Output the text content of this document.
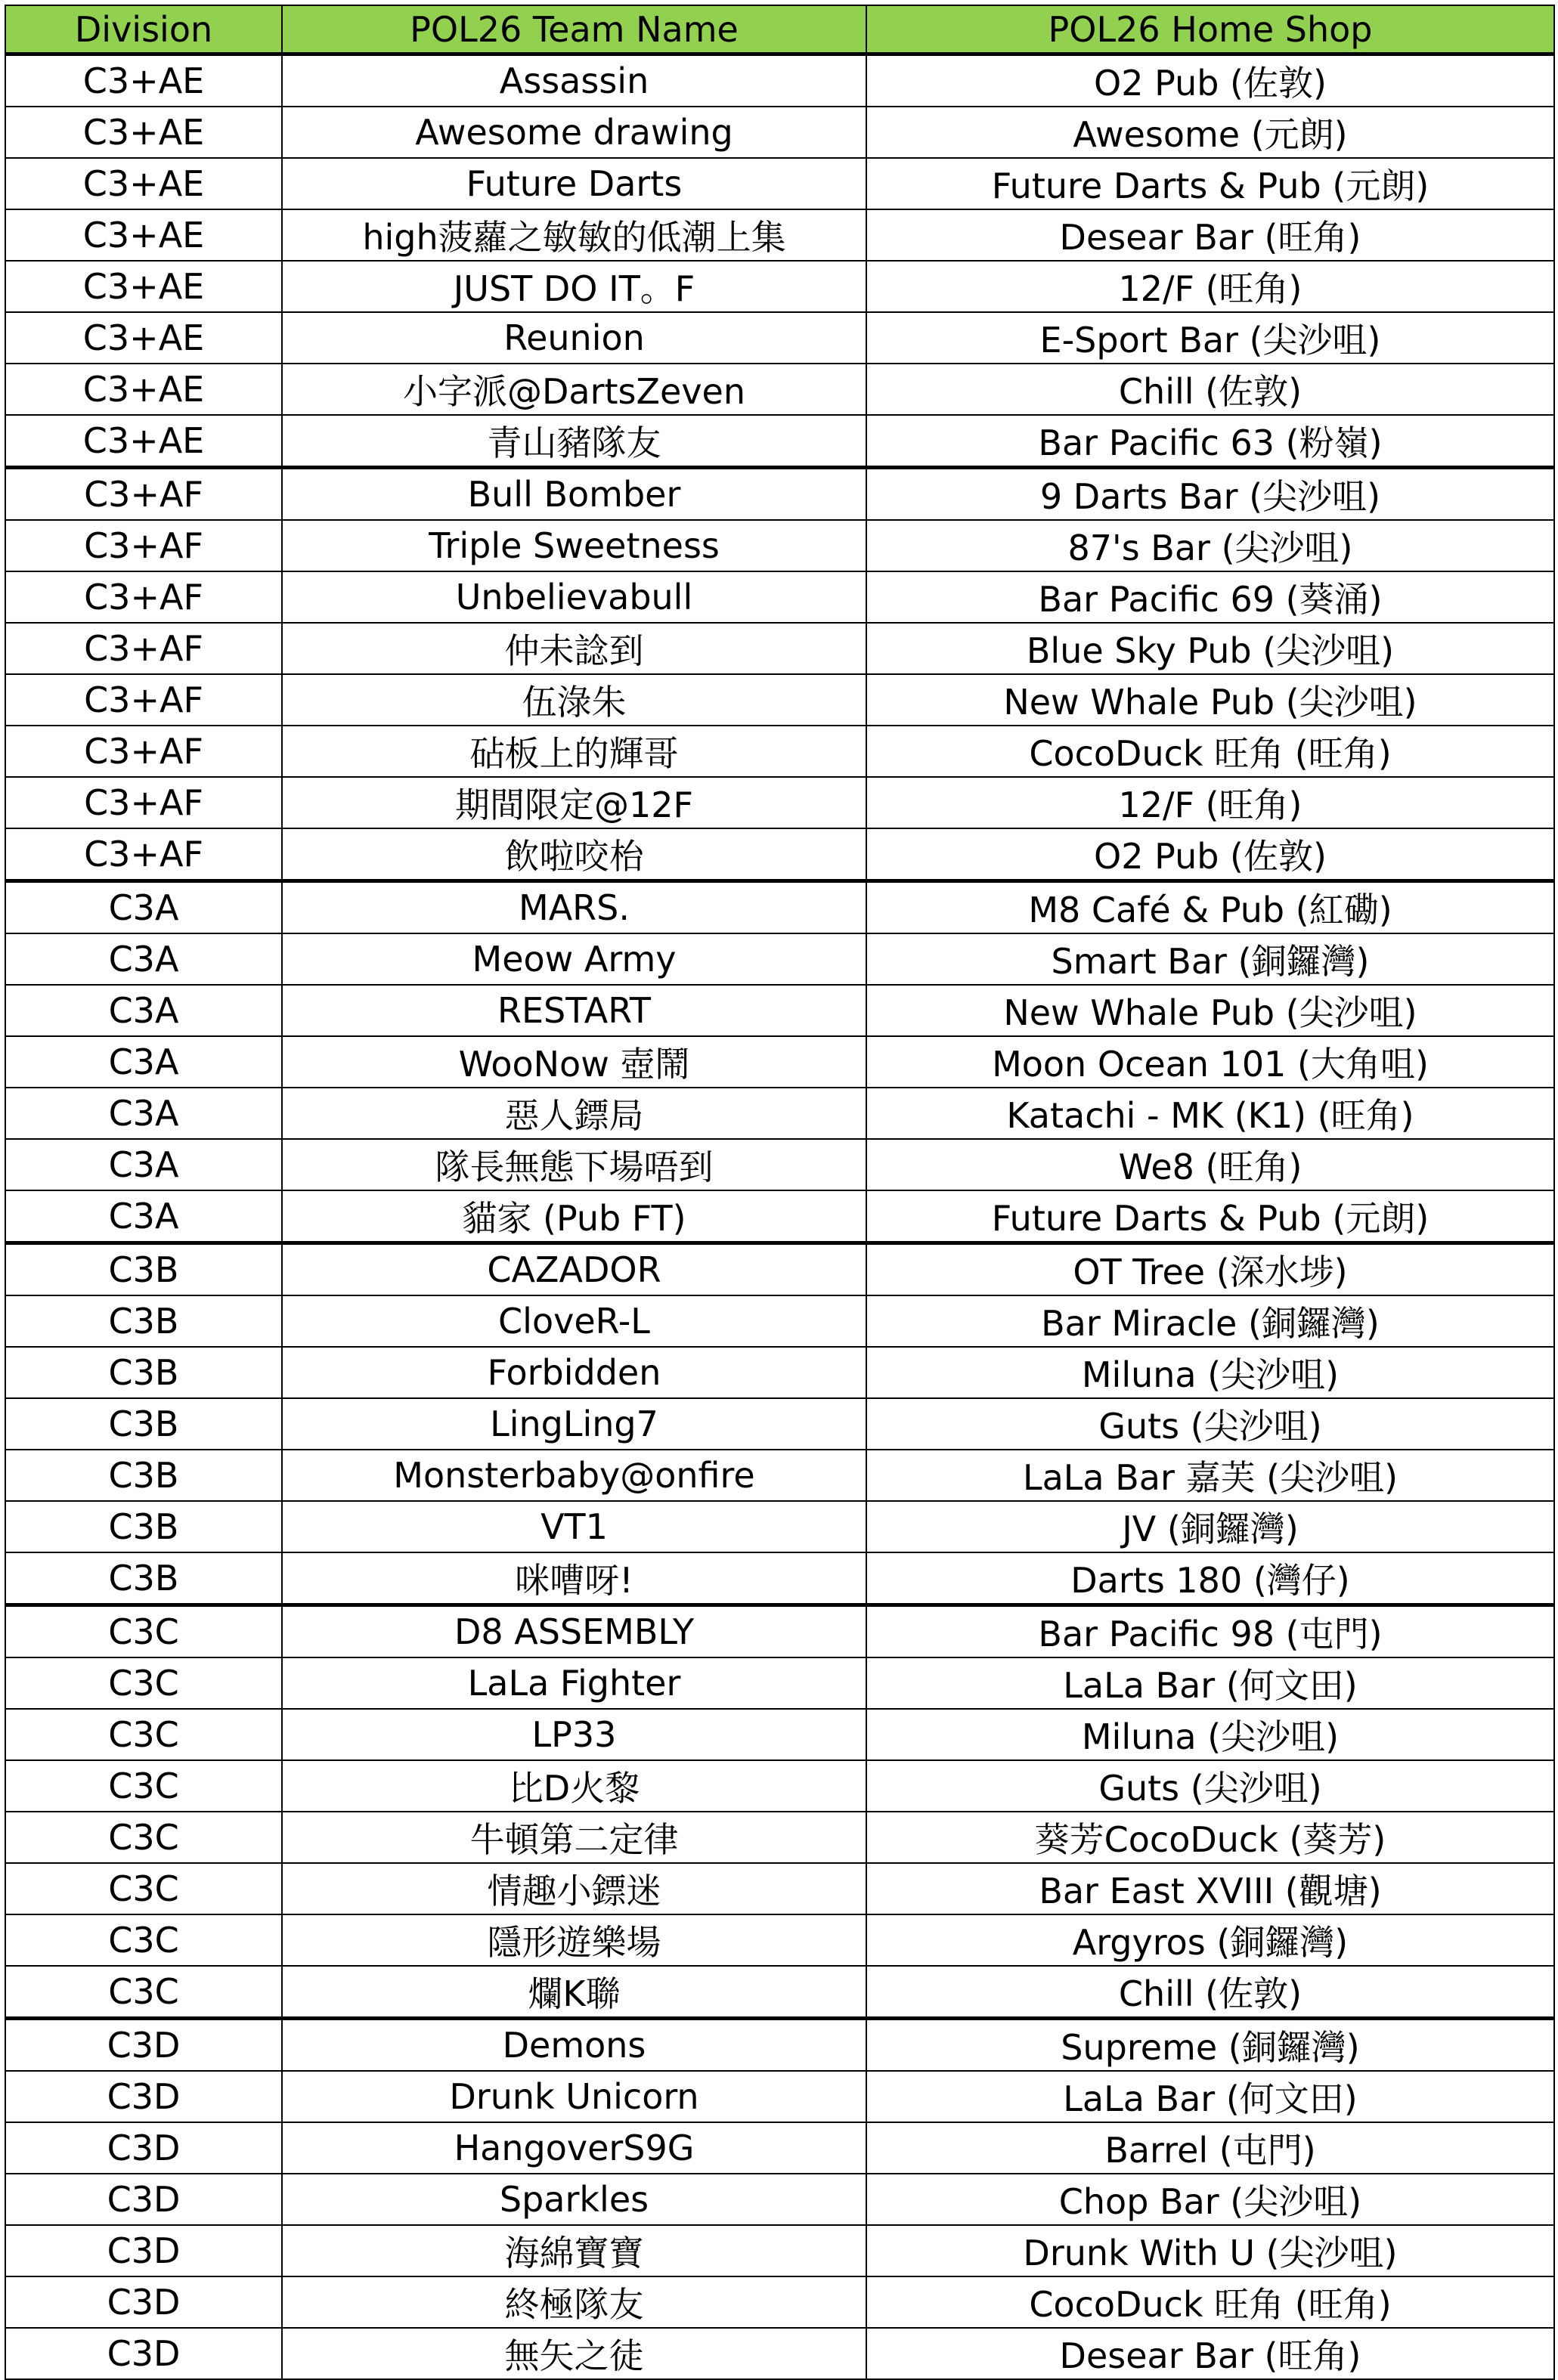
Division	POL26 Team Name	POL26 Home Shop
C3+AE	Assassin	O2 Pub (佐敦)
C3+AE	Awesome drawing	Awesome (元朗)
C3+AE	Future Darts	Future Darts & Pub (元朗)
C3+AE	high菠蘿之敏敏的低潮上集	Desear Bar (旺角)
C3+AE	JUST DO IT。F	12/F (旺角)
C3+AE	Reunion	E-Sport Bar (尖沙咀)
C3+AE	小字派@DartsZeven	Chill (佐敦)
C3+AE	青山豬隊友	Bar Pacific 63 (粉嶺)
C3+AF	Bull Bomber	9 Darts Bar (尖沙咀)
C3+AF	Triple Sweetness	87's Bar (尖沙咀)
C3+AF	Unbelievabull	Bar Pacific 69 (葵涌)
C3+AF	仲未諗到	Blue Sky Pub (尖沙咀)
C3+AF	伍淥朱	New Whale Pub (尖沙咀)
C3+AF	砧板上的輝哥	CocoDuck 旺角 (旺角)
C3+AF	期間限定@12F	12/F (旺角)
C3+AF	飲啦咬枱	O2 Pub (佐敦)
C3A	MARS.	M8 Café & Pub (紅磡)
C3A	Meow Army	Smart Bar (銅鑼灣)
C3A	RESTART	New Whale Pub (尖沙咀)
C3A	WooNow 壺鬧	Moon Ocean 101 (大角咀)
C3A	惡人鏢局	Katachi - MK (K1) (旺角)
C3A	隊長無態下場唔到	We8 (旺角)
C3A	貓家 (Pub FT)	Future Darts & Pub (元朗)
C3B	CAZADOR	OT Tree (深水埗)
C3B	CloveR-L	Bar Miracle (銅鑼灣)
C3B	Forbidden	Miluna (尖沙咀)
C3B	LingLing7	Guts (尖沙咀)
C3B	Monsterbaby@onfire	LaLa Bar 嘉芙 (尖沙咀)
C3B	VT1	JV (銅鑼灣)
C3B	咪嘈呀!	Darts 180 (灣仔)
C3C	D8 ASSEMBLY	Bar Pacific 98 (屯門)
C3C	LaLa Fighter	LaLa Bar (何文田)
C3C	LP33	Miluna (尖沙咀)
C3C	比D火黎	Guts (尖沙咀)
C3C	牛頓第二定律	葵芳CocoDuck (葵芳)
C3C	情趣小鏢迷	Bar East XVIII (觀塘)
C3C	隱形遊樂場	Argyros (銅鑼灣)
C3C	爛K聯	Chill (佐敦)
C3D	Demons	Supreme (銅鑼灣)
C3D	Drunk Unicorn	LaLa Bar (何文田)
C3D	HangoverS9G	Barrel (屯門)
C3D	Sparkles	Chop Bar (尖沙咀)
C3D	海綿寶寶	Drunk With U (尖沙咀)
C3D	終極隊友	CocoDuck 旺角 (旺角)
C3D	無矢之徒	Desear Bar (旺角)
